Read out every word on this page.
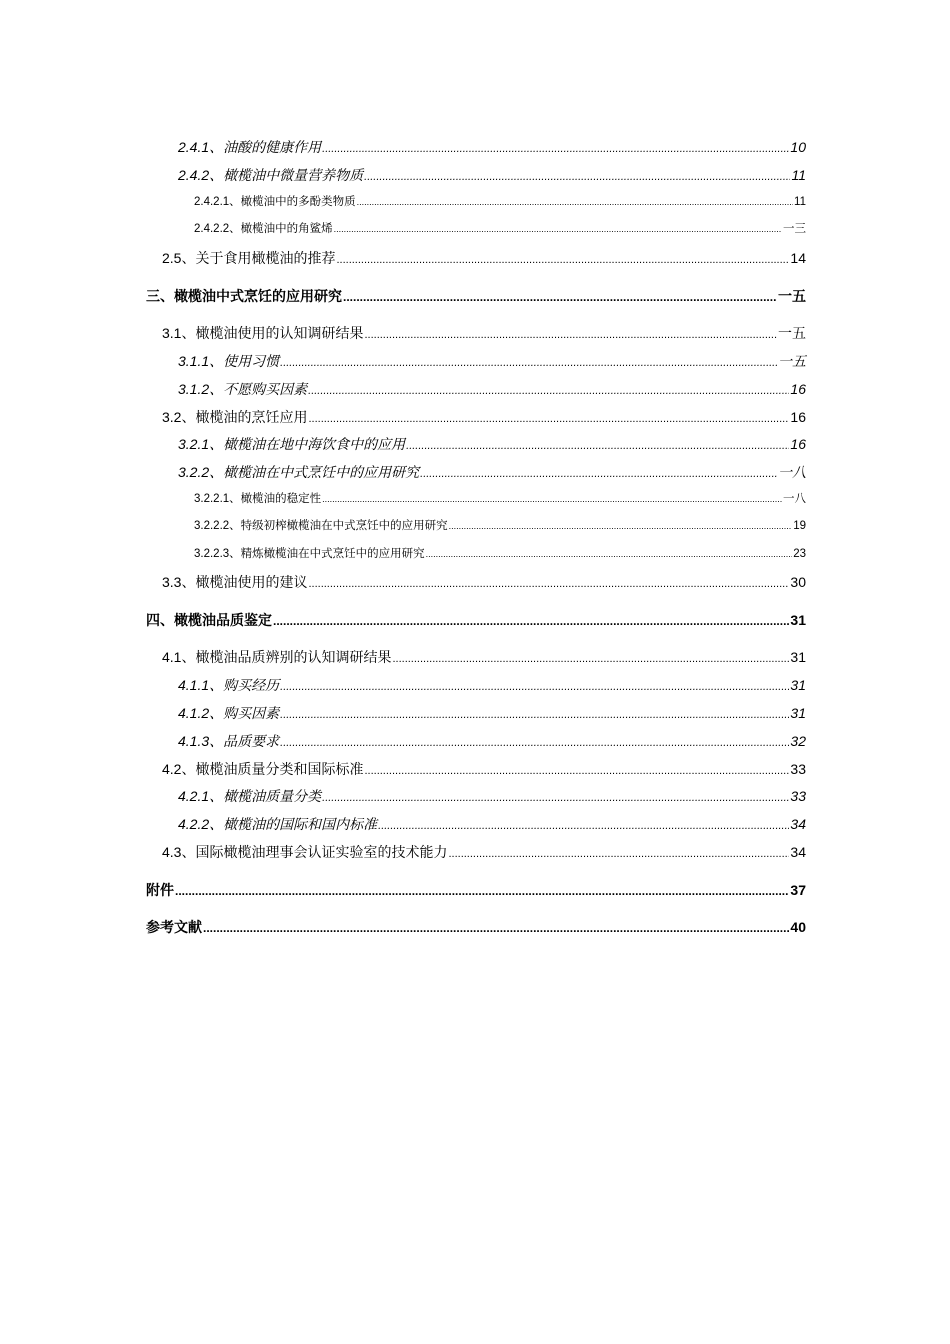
2.4.1、油酸的健康作用 .....	10
2.4.2、橄榄油中微量营养物质 .....	11
2.4.2.1、橄榄油中的多酚类物质 .....	11
2.4.2.2、橄榄油中的角鲨烯 .....	一三
2.5、关于食用橄榄油的推荐 .....	14
三、橄榄油中式烹饪的应用研究 .....	一五
3.1、橄榄油使用的认知调研结果 .....	一五
3.1.1、使用习惯 .....	一五
3.1.2、不愿购买因素 .....	16
3.2、橄榄油的烹饪应用 .....	16
3.2.1、橄榄油在地中海饮食中的应用 .....	16
3.2.2、橄榄油在中式烹饪中的应用研究 .....	一八
3.2.2.1、橄榄油的稳定性 .....	一八
3.2.2.2、特级初榨橄榄油在中式烹饪中的应用研究 .....	19
3.2.2.3、精炼橄榄油在中式烹饪中的应用研究 .....	23
3.3、橄榄油使用的建议 .....	30
四、橄榄油品质鉴定 .....	31
4.1、橄榄油品质辨别的认知调研结果 .....	31
4.1.1、购买经历 .....	31
4.1.2、购买因素 .....	31
4.1.3、品质要求 .....	32
4.2、橄榄油质量分类和国际标准 .....	33
4.2.1、橄榄油质量分类 .....	33
4.2.2、橄榄油的国际和国内标准 .....	34
4.3、国际橄榄油理事会认证实验室的技术能力 .....	34
附件 .....	37
参考文献 .....	40
